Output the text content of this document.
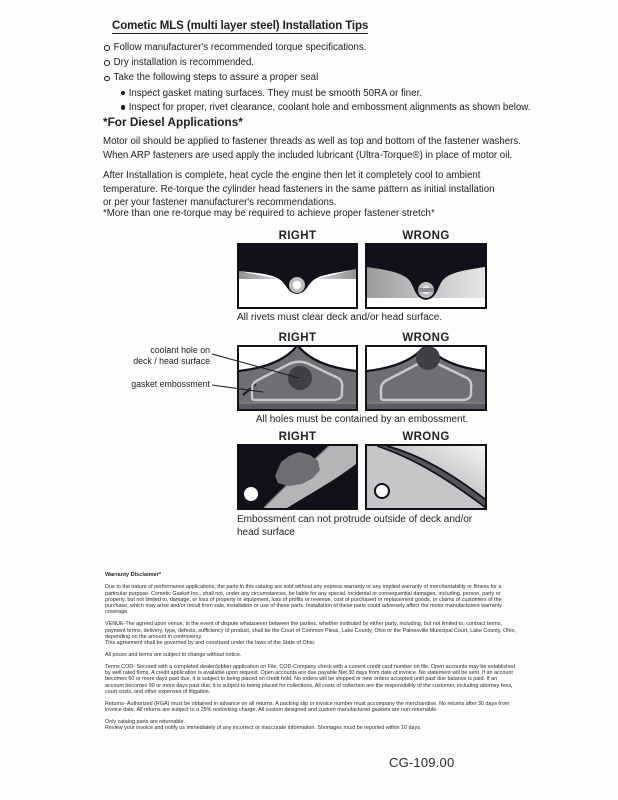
Cometic MLS (multi layer steel) Installation Tips
Follow manufacturer's recommended torque specifications.
Dry installation is recommended.
Take the following steps to assure a proper seal
Inspect gasket mating surfaces. They must be smooth 50RA or finer.
Inspect for proper, rivet clearance, coolant hole and embossment alignments as shown below.
*For Diesel Applications*
Motor oil should be applied to fastener threads as well as top and bottom of the fastener washers.
When ARP fasteners are used apply the included lubricant (Ultra-Torque®) in place of motor oil.
After Installation is complete, heat cycle the engine then let it completely cool to ambient
temperature. Re-torque the cylinder head fasteners in the same pattern as initial installation
or per your fastener manufacturer's recommendations.
*More than one re-torque may be required to achieve proper fastener stretch*
RIGHT	WRONG
All rivets must clear deck and/or head surface.
RIGHT	WRONG
coolant hole on
deck / head surface
gasket embossment
All holes must be contained by an embossment.
RIGHT	WRONG
Embossment can not protrude outside of deck and/or head surface
Warranty Disclaimer*

Due to the nature of performance applications, the parts in this catalog are sold without any express warranty or any implied warranty of merchantability or fitness for a particular purpose. Cometic Gasket Inc., shall not, under any circumstances, be liable for any special, incidental or consequential damages, including, person, party or property, but not limited to, damage, or loss of property or equipment, loss of profits or revenue, cost of purchased or replacement goods, or claims of customers of the purchase, which may arise and/or result from sale, installation or use of these parts. Installation of these parts could adversely affect the motor manufacturers warranty coverage.

VENUE-The agreed upon venue, in the event of dispute whatsoever between the parties, whether instituted by either party, including, but not limited to, contract terms, payment terms, delivery, type, defects, sufficiency of product, shall be the Court of Common Pleas, Lake County, Ohio or the Painesville Municipal Court, Lake County, Ohio, depending on the amount in controversy.

This agreement shall be governed by and construed under the laws of the State of Ohio.

All prices and terms are subject to change without notice.

Terms COD- Secured with a completed dealer/jobber application on File, COD-Company check with a current credit card number on file. Open accounts may be established by well rated firms. A credit application is available upon request. Open accounts are due payable Net 30 days from date of invoice. No statement will be sent. If an account becomes 60 or more days past due, it is subject to being placed on credit hold. No orders will be shipped or new orders accepted until past due balance is paid. If an account becomes 90 or more days past due, it is subject to being placed for collections. All costs of collection are the responsibility of the customer, including attorney fees, court costs, and other expenses of litigation.

Returns- Authorized (RGA) must be obtained in advance on all returns. A packing slip or invoice number must accompany the merchandise. No returns after 30 days from invoice date. All returns are subject to a 25% restocking charge. All custom designed and custom manufactured gaskets are non-returnable.

Only catalog parts are returnable.

Review your invoice and notify us immediately of any incorrect or inaccurate information. Shortages must be reported within 10 days.

CG-109.00
